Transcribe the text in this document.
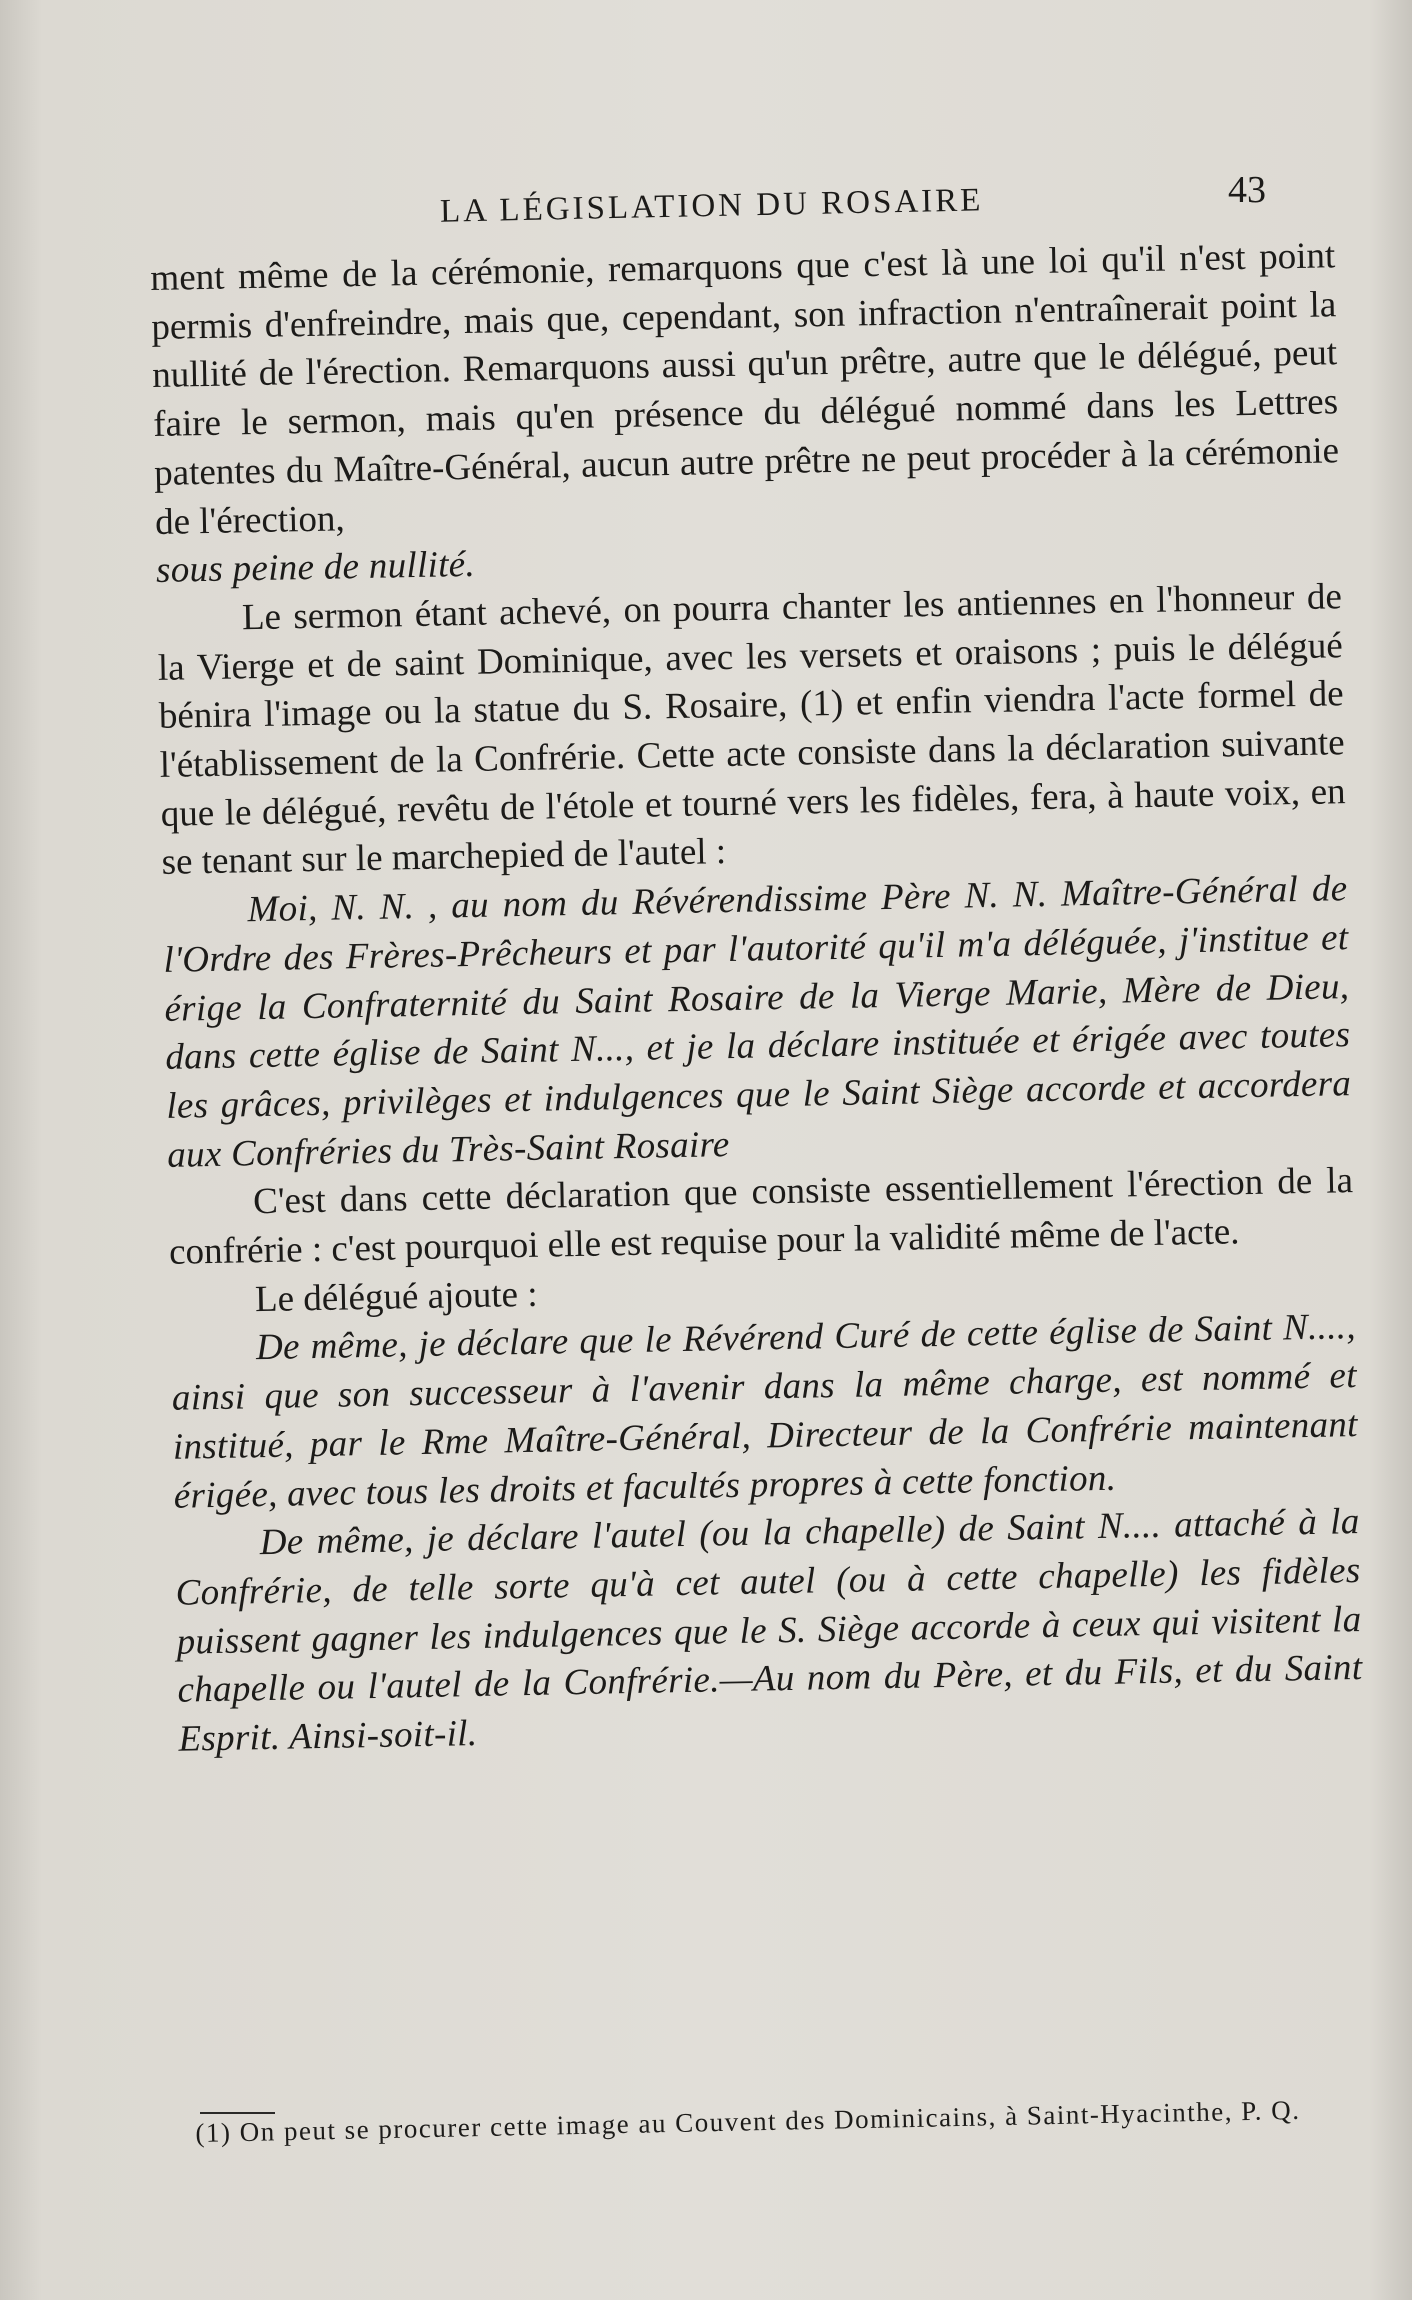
LA LÉGISLATION DU ROSAIRE	43

ment même de la cérémonie, remarquons que c'est là une loi qu'il n'est point permis d'enfreindre, mais que, cependant, son infraction n'entraînerait point la nullité de l'érection. Remarquons aussi qu'un prêtre, autre que le délégué, peut faire le sermon, mais qu'en présence du délégué nommé dans les Lettres patentes du Maître-Général, aucun autre prêtre ne peut procéder à la cérémonie de l'érection,

sous peine de nullité.

Le sermon étant achevé, on pourra chanter les antiennes en l'honneur de la Vierge et de saint Dominique, avec les versets et oraisons ; puis le délégué bénira l'image ou la statue du S. Rosaire, (1) et enfin viendra l'acte formel de l'établissement de la Confrérie. Cette acte consiste dans la déclaration suivante que le délégué, revêtu de l'étole et tourné vers les fidèles, fera, à haute voix, en se tenant sur le marchepied de l'autel :

Moi, N. N. , au nom du Révérendissime Père N. N. Maître-Général de l'Ordre des Frères-Prêcheurs et par l'autorité qu'il m'a déléguée, j'institue et érige la Confraternité du Saint Rosaire de la Vierge Marie, Mère de Dieu, dans cette église de Saint N..., et je la déclare instituée et érigée avec toutes les grâces, privilèges et indulgences que le Saint Siège accorde et accordera aux Confréries du Très-Saint Rosaire

C'est dans cette déclaration que consiste essentiellement l'érection de la confrérie : c'est pourquoi elle est requise pour la validité même de l'acte.

Le délégué ajoute :

De même, je déclare que le Révérend Curé de cette église de Saint N...., ainsi que son successeur à l'avenir dans la même charge, est nommé et institué, par le Rme Maître-Général, Directeur de la Confrérie maintenant érigée, avec tous les droits et facultés propres à cette fonction.

De même, je déclare l'autel (ou la chapelle) de Saint N.... attaché à la Confrérie, de telle sorte qu'à cet autel (ou à cette chapelle) les fidèles puissent gagner les indulgences que le S. Siège accorde à ceux qui visitent la chapelle ou l'autel de la Confrérie.—Au nom du Père, et du Fils, et du Saint Esprit. Ainsi-soit-il.

(1) On peut se procurer cette image au Couvent des Dominicains, à Saint-Hyacinthe, P. Q.
